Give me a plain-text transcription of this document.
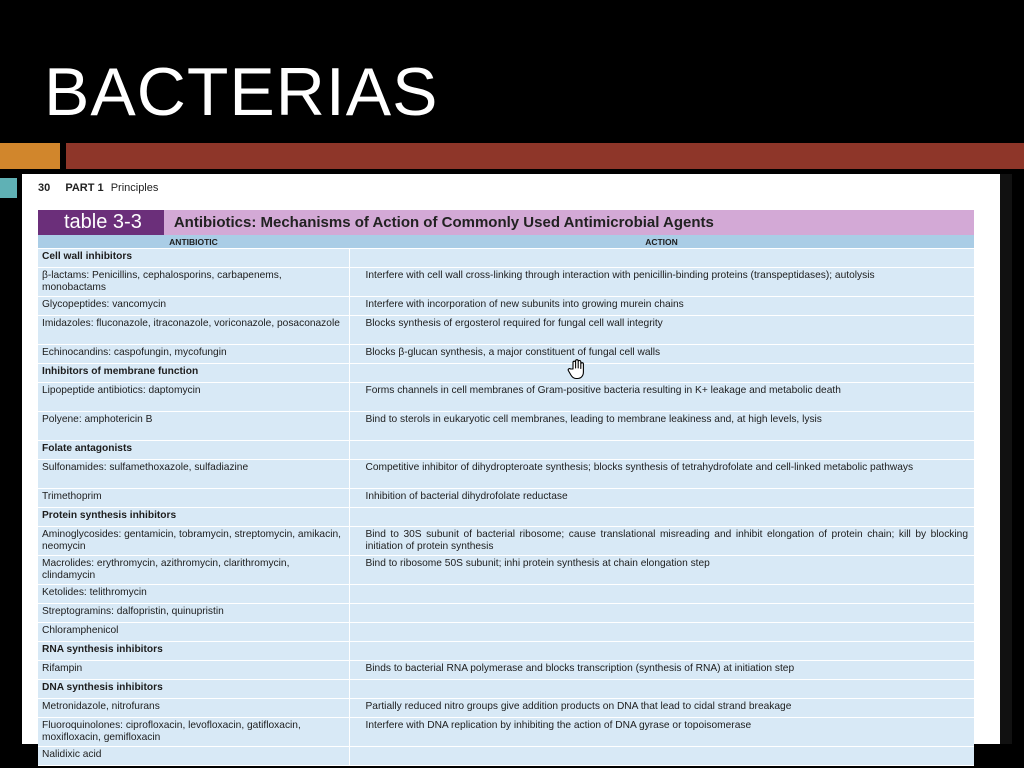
BACTERIAS
30 PART 1 Principles
table 3-3	Antibiotics: Mechanisms of Action of Commonly Used Antimicrobial Agents
ANTIBIOTIC	ACTION
Cell wall inhibitors	
β-lactams: Penicillins, cephalosporins, carbapenems, monobactams	Interfere with cell wall cross-linking through interaction with penicillin-binding proteins (transpeptidases); autolysis
Glycopeptides: vancomycin	Interfere with incorporation of new subunits into growing murein chains
Imidazoles: fluconazole, itraconazole, voriconazole, posaconazole	Blocks synthesis of ergosterol required for fungal cell wall integrity
Echinocandins: caspofungin, mycofungin	Blocks β-glucan synthesis, a major constituent of fungal cell walls
Inhibitors of membrane function	
Lipopeptide antibiotics: daptomycin	Forms channels in cell membranes of Gram-positive bacteria resulting in K+ leakage and metabolic death
Polyene: amphotericin B	Bind to sterols in eukaryotic cell membranes, leading to membrane leakiness and, at high levels, lysis
Folate antagonists	
Sulfonamides: sulfamethoxazole, sulfadiazine	Competitive inhibitor of dihydropteroate synthesis; blocks synthesis of tetrahydrofolate and cell-linked metabolic pathways
Trimethoprim	Inhibition of bacterial dihydrofolate reductase
Protein synthesis inhibitors	
Aminoglycosides: gentamicin, tobramycin, streptomycin, amikacin, neomycin	Bind to 30S subunit of bacterial ribosome; cause translational misreading and inhibit elongation of protein chain; kill by blocking initiation of protein synthesis
Macrolides: erythromycin, azithromycin, clarithromycin, clindamycin	Bind to ribosome 50S subunit; inhi protein synthesis at chain elongation step
Ketolides: telithromycin	
Streptogramins: dalfopristin, quinupristin	
Chloramphenicol	
RNA synthesis inhibitors	
Rifampin	Binds to bacterial RNA polymerase and blocks transcription (synthesis of RNA) at initiation step
DNA synthesis inhibitors	
Metronidazole, nitrofurans	Partially reduced nitro groups give addition products on DNA that lead to cidal strand breakage
Fluoroquinolones: ciprofloxacin, levofloxacin, gatifloxacin, moxifloxacin, gemifloxacin	Interfere with DNA replication by inhibiting the action of DNA gyrase or topoisomerase
Nalidixic acid	
